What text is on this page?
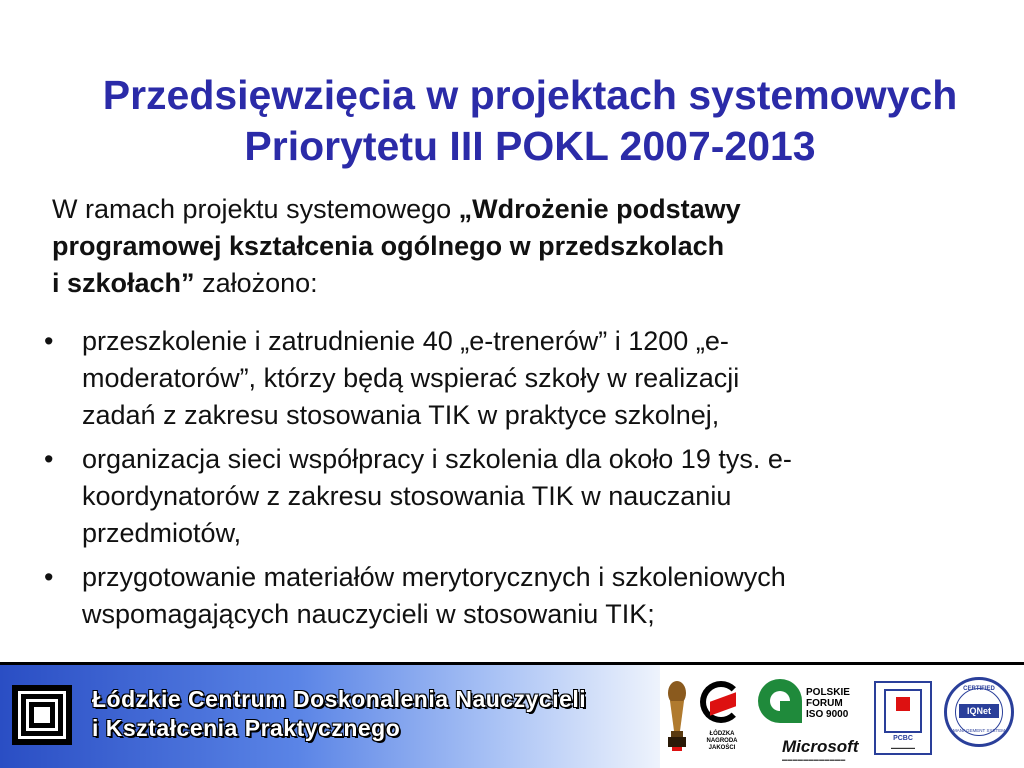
Przedsięwzięcia w projektach systemowych
Priorytetu III POKL 2007-2013
W ramach projektu systemowego „Wdrożenie podstawy
programowej kształcenia ogólnego w przedszkolach
i szkołach” założono:
• przeszkolenie i zatrudnienie 40 „e-trenerów” i 1200 „e-
moderatorów”, którzy będą wspierać szkoły w realizacji
zadań z zakresu stosowania TIK w praktyce szkolnej,
• organizacja sieci współpracy i szkolenia dla około 19 tys. e-
koordynatorów z zakresu stosowania TIK w nauczaniu
przedmiotów,
• przygotowanie materiałów merytorycznych i szkoleniowych
wspomagających nauczycieli w stosowaniu TIK;
Łódzkie Centrum Doskonalenia Nauczycieli
i Kształcenia Praktycznego	ŁÓDZKA
NAGRODA
JAKOŚCI
POLSKIE
FORUM
ISO 9000
Microsoft
▬▬▬▬▬▬▬▬▬▬▬▬
PCBC
▬▬▬▬▬▬
CERTIFIED
IQNet
MANAGEMENT SYSTEM
